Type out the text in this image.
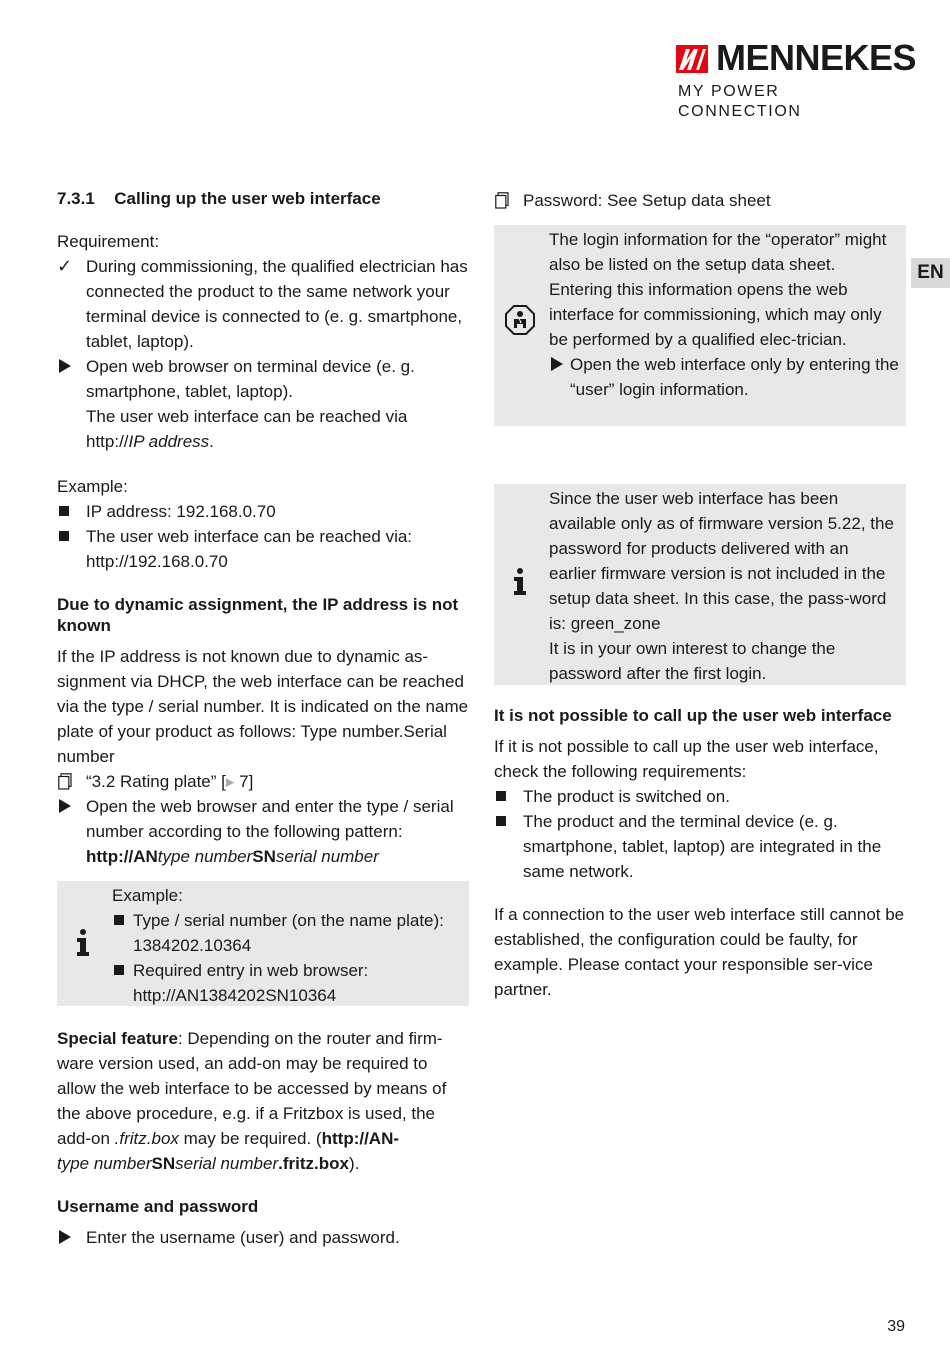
MENNEKES
MY POWER CONNECTION
EN
7.3.1 Calling up the user web interface
Requirement:
✓ During commissioning, the qualified electrician has connected the product to the same network your terminal device is connected to (e. g. smartphone, tablet, laptop).
Open web browser on terminal device (e. g. smartphone, tablet, laptop).
The user web interface can be reached via
http://IP address.
Example:
IP address: 192.168.0.70
The user web interface can be reached via: http://192.168.0.70
Due to dynamic assignment, the IP address is not known
If the IP address is not known due to dynamic as-signment via DHCP, the web interface can be reached via the type / serial number. It is indicated on the name plate of your product as follows: Type number.Serial number
“3.2 Rating plate” [▸ 7]
Open the web browser and enter the type / serial number according to the following pattern: http://ANtype numberSNserial number
Example:
Type / serial number (on the name plate): 1384202.10364
Required entry in web browser: http://AN1384202SN10364
Special feature: Depending on the router and firm-ware version used, an add-on may be required to allow the web interface to be accessed by means of the above procedure, e.g. if a Fritzbox is used, the add-on .fritz.box may be required. (http://AN-
type numberSNserial number.fritz.box).
Username and password
Enter the username (user) and password.
Password: See Setup data sheet
The login information for the “operator” might also be listed on the setup data sheet. Entering this information opens the web interface for commissioning, which may only be performed by a qualified elec-trician.
Open the web interface only by entering the “user” login information.
Since the user web interface has been available only as of firmware version 5.22, the password for products delivered with an earlier firmware version is not included in the setup data sheet. In this case, the pass-word is: green_zone
It is in your own interest to change the password after the first login.
It is not possible to call up the user web interface
If it is not possible to call up the user web interface, check the following requirements:
The product is switched on.
The product and the terminal device (e. g. smartphone, tablet, laptop) are integrated in the same network.
If a connection to the user web interface still cannot be established, the configuration could be faulty, for example. Please contact your responsible ser-vice partner.
39
